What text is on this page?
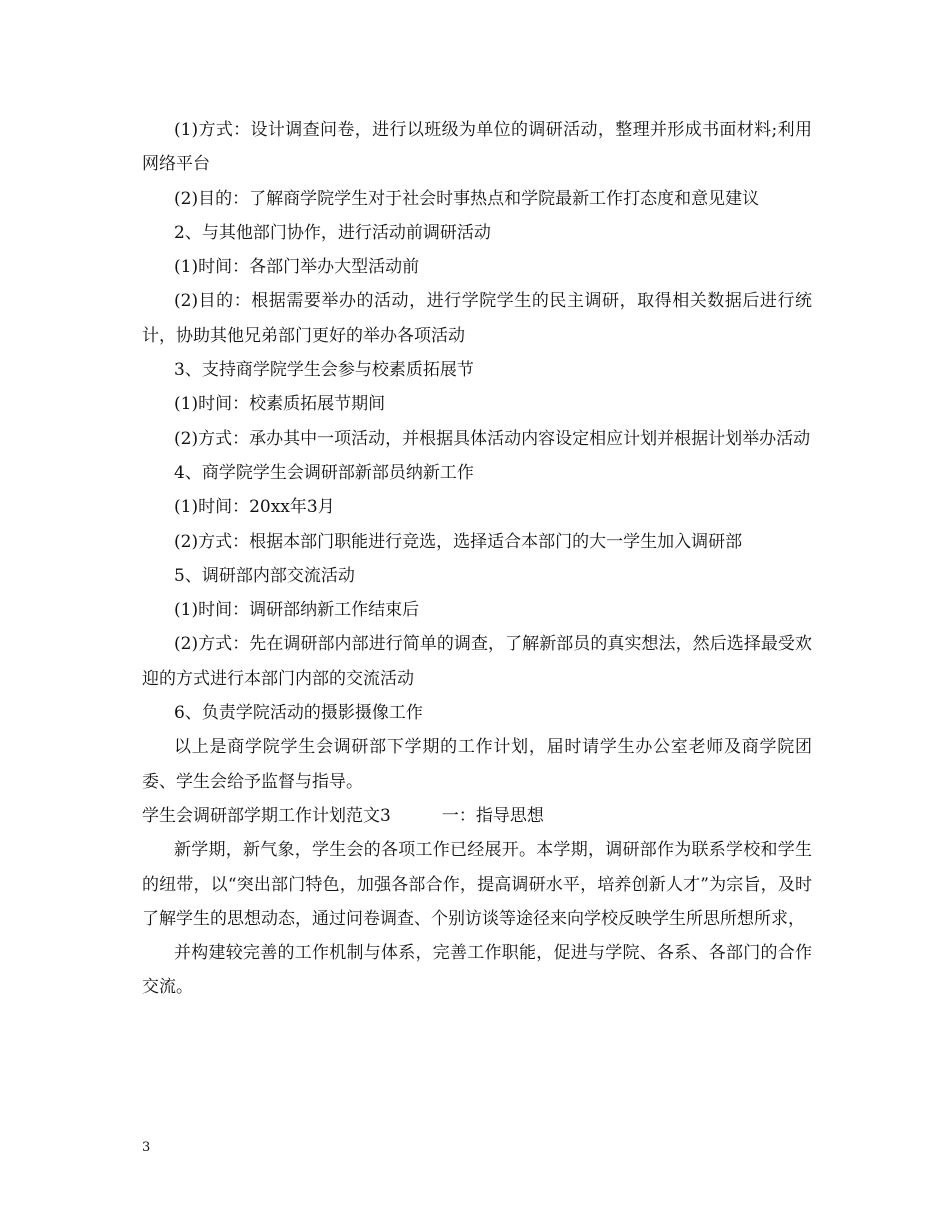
(1)方式：设计调查问卷，进行以班级为单位的调研活动，整理并形成书面材料;利用网络平台

(2)目的：了解商学院学生对于社会时事热点和学院最新工作打态度和意见建议

2、与其他部门协作，进行活动前调研活动

(1)时间：各部门举办大型活动前

(2)目的：根据需要举办的活动，进行学院学生的民主调研，取得相关数据后进行统计，协助其他兄弟部门更好的举办各项活动

3、支持商学院学生会参与校素质拓展节

(1)时间：校素质拓展节期间

(2)方式：承办其中一项活动，并根据具体活动内容设定相应计划并根据计划举办活动

4、商学院学生会调研部新部员纳新工作

(1)时间：20xx年3月

(2)方式：根据本部门职能进行竞选，选择适合本部门的大一学生加入调研部

5、调研部内部交流活动

(1)时间：调研部纳新工作结束后

(2)方式：先在调研部内部进行简单的调查，了解新部员的真实想法，然后选择最受欢迎的方式进行本部门内部的交流活动

6、负责学院活动的摄影摄像工作

以上是商学院学生会调研部下学期的工作计划，届时请学生办公室老师及商学院团委、学生会给予监督与指导。

学生会调研部学期工作计划范文3　　　一：指导思想

新学期，新气象，学生会的各项工作已经展开。本学期，调研部作为联系学校和学生的纽带，以“突出部门特色，加强各部合作，提高调研水平，培养创新人才”为宗旨，及时了解学生的思想动态，通过问卷调查、个别访谈等途径来向学校反映学生所思所想所求，

并构建较完善的工作机制与体系，完善工作职能，促进与学院、各系、各部门的合作交流。

3
